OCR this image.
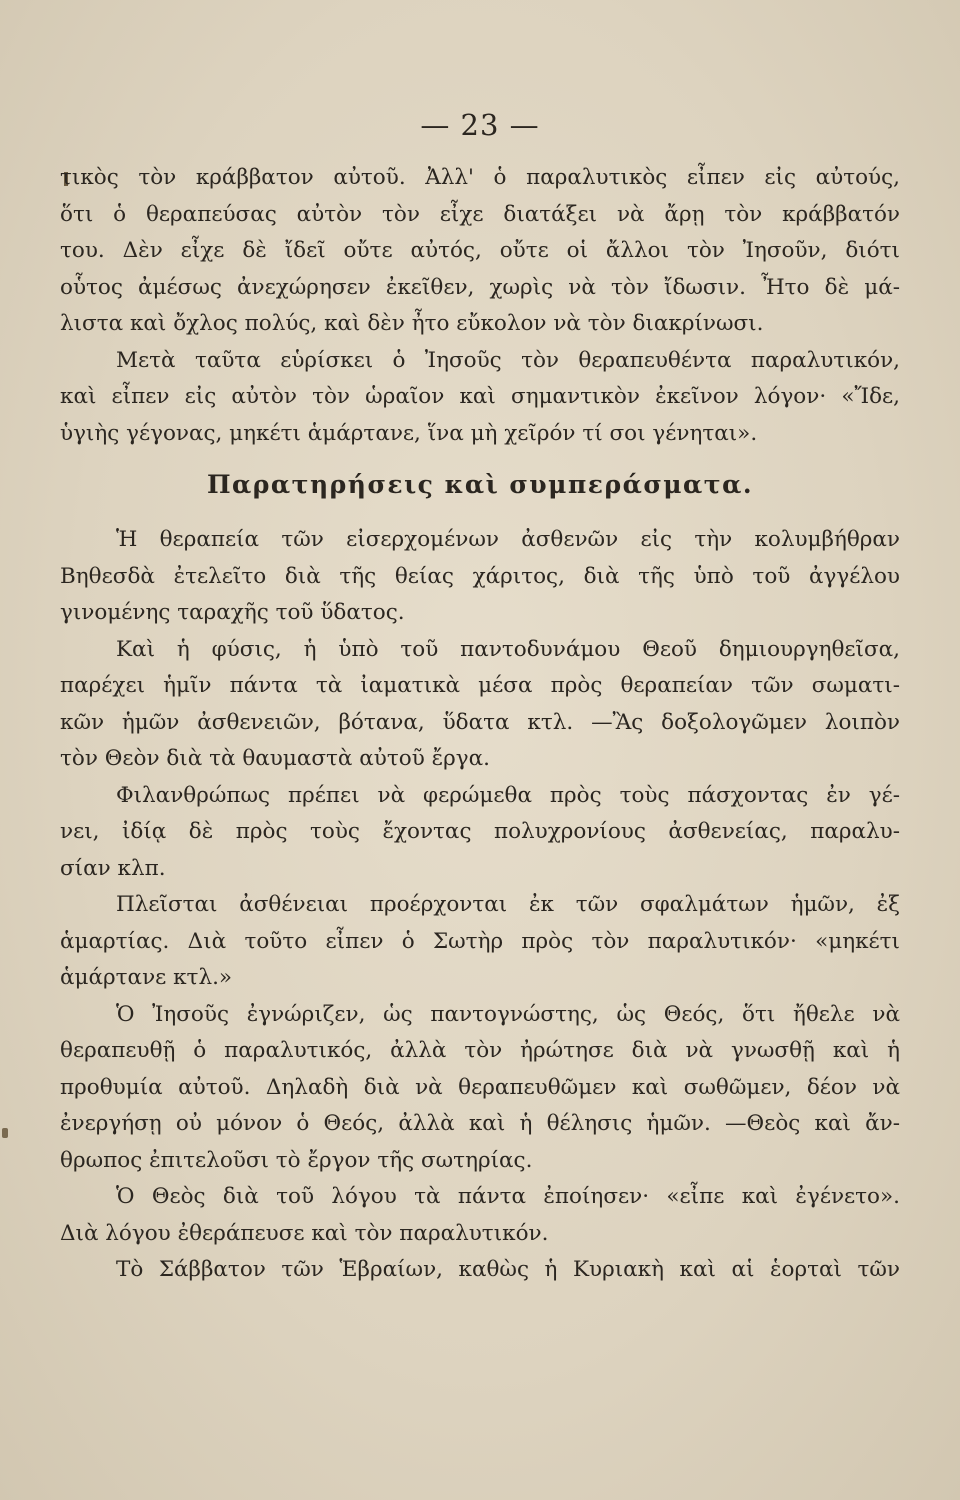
— 23 —
τικὸς τὸν κράββατον αὐτοῦ. Ἀλλ' ὁ παραλυτικὸς εἶπεν εἰς αὐτούς,
ὅτι ὁ θεραπεύσας αὐτὸν τὸν εἶχε διατάξει νὰ ἄρῃ τὸν κράββατόν
του. Δὲν εἶχε δὲ ἴδεῖ οὔτε αὐτός, οὔτε οἱ ἄλλοι τὸν Ἰησοῦν, διότι
οὗτος ἀμέσως ἀνεχώρησεν ἐκεῖθεν, χωρὶς νὰ τὸν ἴδωσιν. Ἦτο δὲ μά-
λιστα καὶ ὄχλος πολύς, καὶ δὲν ἦτο εὔκολον νὰ τὸν διακρίνωσι.
Μετὰ ταῦτα εὑρίσκει ὁ Ἰησοῦς τὸν θεραπευθέντα παραλυτικόν,
καὶ εἶπεν εἰς αὐτὸν τὸν ὡραῖον καὶ σημαντικὸν ἐκεῖνον λόγον· «Ἴδε,
ὑγιὴς γέγονας, μηκέτι ἁμάρτανε, ἵνα μὴ χεῖρόν τί σοι γένηται».
Παρατηρήσεις καὶ συμπεράσματα.
Ἡ θεραπεία τῶν εἰσερχομένων ἀσθενῶν εἰς τὴν κολυμβήθραν
Βηθεσδὰ ἐτελεῖτο διὰ τῆς θείας χάριτος, διὰ τῆς ὑπὸ τοῦ ἀγγέλου
γινομένης ταραχῆς τοῦ ὕδατος.
Καὶ ἡ φύσις, ἡ ὑπὸ τοῦ παντοδυνάμου Θεοῦ δημιουργηθεῖσα,
παρέχει ἡμῖν πάντα τὰ ἰαματικὰ μέσα πρὸς θεραπείαν τῶν σωματι-
κῶν ἡμῶν ἀσθενειῶν, βότανα, ὕδατα κτλ. —Ἂς δοξολογῶμεν λοιπὸν
τὸν Θεὸν διὰ τὰ θαυμαστὰ αὐτοῦ ἔργα.
Φιλανθρώπως πρέπει νὰ φερώμεθα πρὸς τοὺς πάσχοντας ἐν γέ-
νει, ἰδίᾳ δὲ πρὸς τοὺς ἔχοντας πολυχρονίους ἀσθενείας, παραλυ-
σίαν κλπ.
Πλεῖσται ἀσθένειαι προέρχονται ἐκ τῶν σφαλμάτων ἡμῶν, ἐξ
ἁμαρτίας. Διὰ τοῦτο εἶπεν ὁ Σωτὴρ πρὸς τὸν παραλυτικόν· «μηκέτι
ἁμάρτανε κτλ.»
Ὁ Ἰησοῦς ἐγνώριζεν, ὡς παντογνώστης, ὡς Θεός, ὅτι ἤθελε νὰ
θεραπευθῇ ὁ παραλυτικός, ἀλλὰ τὸν ἠρώτησε διὰ νὰ γνωσθῇ καὶ ἡ
προθυμία αὐτοῦ. Δηλαδὴ διὰ νὰ θεραπευθῶμεν καὶ σωθῶμεν, δέον νὰ
ἐνεργήσῃ οὐ μόνον ὁ Θεός, ἀλλὰ καὶ ἡ θέλησις ἡμῶν. —Θεὸς καὶ ἄν-
θρωπος ἐπιτελοῦσι τὸ ἔργον τῆς σωτηρίας.
Ὁ Θεὸς διὰ τοῦ λόγου τὰ πάντα ἐποίησεν· «εἶπε καὶ ἐγένετο».
Διὰ λόγου ἐθεράπευσε καὶ τὸν παραλυτικόν.
Τὸ Σάββατον τῶν Ἑβραίων, καθὼς ἡ Κυριακὴ καὶ αἱ ἑορταὶ τῶν
